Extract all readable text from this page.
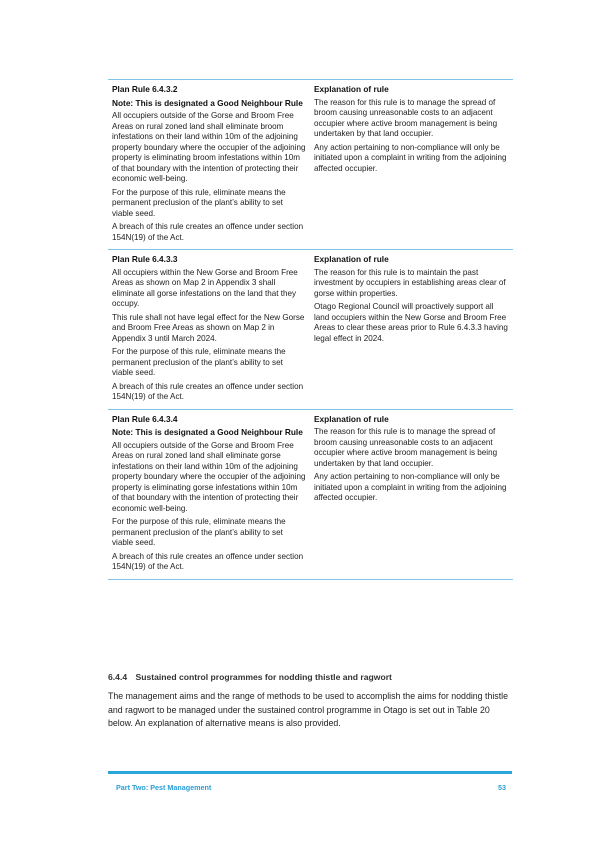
Plan Rule 6.4.3.2

Note: This is designated a Good Neighbour Rule

All occupiers outside of the Gorse and Broom Free Areas on rural zoned land shall eliminate broom infestations on their land within 10m of the adjoining property boundary where the occupier of the adjoining property is eliminating broom infestations within 10m of that boundary with the intention of protecting their economic well-being.

For the purpose of this rule, eliminate means the permanent preclusion of the plant’s ability to set viable seed.

A breach of this rule creates an offence under section 154N(19) of the Act.

Explanation of rule

The reason for this rule is to manage the spread of broom causing unreasonable costs to an adjacent occupier where active broom management is being undertaken by that land occupier.

Any action pertaining to non-compliance will only be initiated upon a complaint in writing from the adjoining affected occupier.

Plan Rule 6.4.3.3

All occupiers within the New Gorse and Broom Free Areas as shown on Map 2 in Appendix 3 shall eliminate all gorse infestations on the land that they occupy.

This rule shall not have legal effect for the New Gorse and Broom Free Areas as shown on Map 2 in Appendix 3 until March 2024.

For the purpose of this rule, eliminate means the permanent preclusion of the plant’s ability to set viable seed.

A breach of this rule creates an offence under section 154N(19) of the Act.

Explanation of rule

The reason for this rule is to maintain the past investment by occupiers in establishing areas clear of gorse within properties.

Otago Regional Council will proactively support all land occupiers within the New Gorse and Broom Free Areas to clear these areas prior to Rule 6.4.3.3 having legal effect in 2024.

Plan Rule 6.4.3.4

Note: This is designated a Good Neighbour Rule

All occupiers outside of the Gorse and Broom Free Areas on rural zoned land shall eliminate gorse infestations on their land within 10m of the adjoining property boundary where the occupier of the adjoining property is eliminating gorse infestations within 10m of that boundary with the intention of protecting their economic well-being.

For the purpose of this rule, eliminate means the permanent preclusion of the plant’s ability to set viable seed.

A breach of this rule creates an offence under section 154N(19) of the Act.

Explanation of rule

The reason for this rule is to manage the spread of broom causing unreasonable costs to an adjacent occupier where active broom management is being undertaken by that land occupier.

Any action pertaining to non-compliance will only be initiated upon a complaint in writing from the adjoining affected occupier.

6.4.4 Sustained control programmes for nodding thistle and ragwort

The management aims and the range of methods to be used to accomplish the aims for nodding thistle and ragwort to be managed under the sustained control programme in Otago is set out in Table 20 below. An explanation of alternative means is also provided.

Part Two: Pest Management	53
